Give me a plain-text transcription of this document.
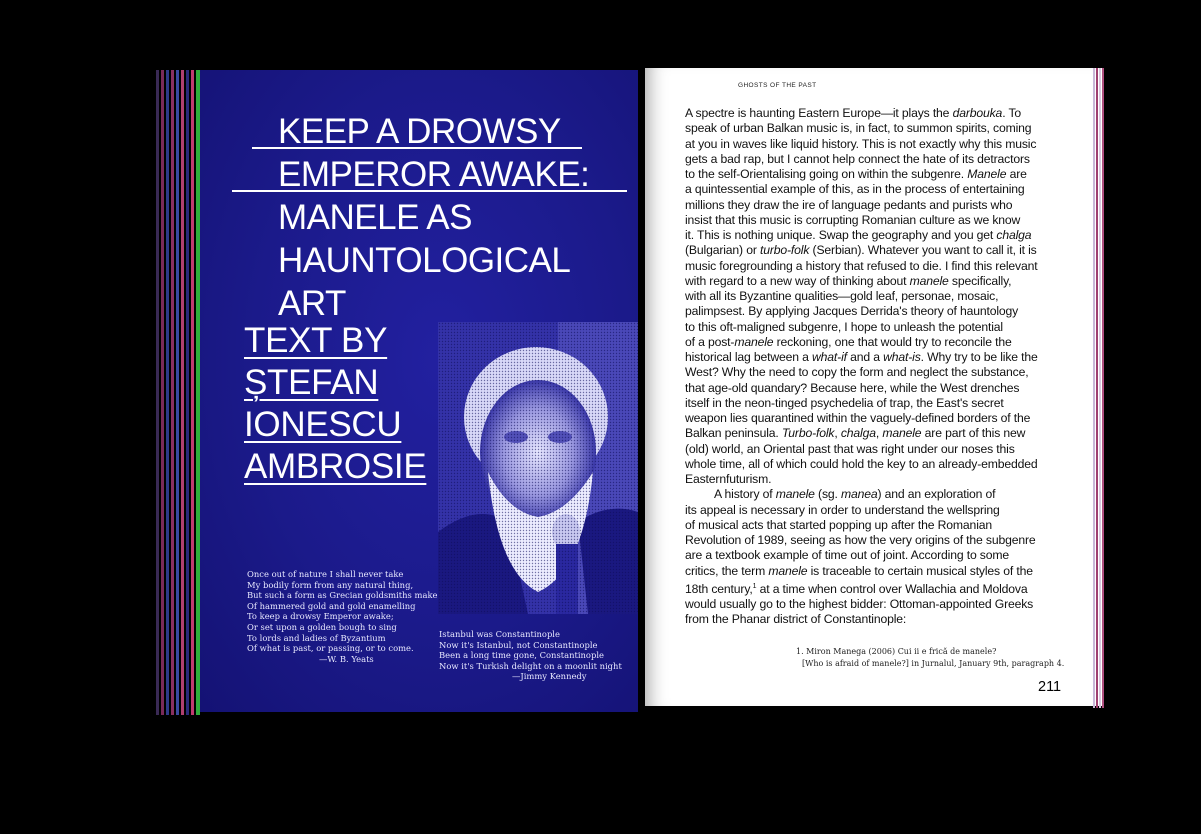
KEEP A DROWSY
EMPEROR AWAKE:
MANELE AS
HAUNTOLOGICAL
ART
TEXT BY
ȘTEFAN
IONESCU
AMBROSIE
Once out of nature I shall never take
My bodily form from any natural thing,
But such a form as Grecian goldsmiths make
Of hammered gold and gold enamelling
To keep a drowsy Emperor awake;
Or set upon a golden bough to sing
To lords and ladies of Byzantium
Of what is past, or passing, or to come.
—W. B. Yeats
Istanbul was Constantinople
Now it's Istanbul, not Constantinople
Been a long time gone, Constantinople
Now it's Turkish delight on a moonlit night
—Jimmy Kennedy
GHOSTS OF THE PAST

A spectre is haunting Eastern Europe—it plays the darbouka. To
speak of urban Balkan music is, in fact, to summon spirits, coming
at you in waves like liquid history. This is not exactly why this music
gets a bad rap, but I cannot help connect the hate of its detractors
to the self-Orientalising going on within the subgenre. Manele are
a quintessential example of this, as in the process of entertaining
millions they draw the ire of language pedants and purists who
insist that this music is corrupting Romanian culture as we know
it. This is nothing unique. Swap the geography and you get chalga
(Bulgarian) or turbo-folk (Serbian). Whatever you want to call it, it is
music foregrounding a history that refused to die. I find this relevant
with regard to a new way of thinking about manele specifically,
with all its Byzantine qualities—gold leaf, personae, mosaic,
palimpsest. By applying Jacques Derrida's theory of hauntology
to this oft-maligned subgenre, I hope to unleash the potential
of a post-manele reckoning, one that would try to reconcile the
historical lag between a what-if and a what-is. Why try to be like the
West? Why the need to copy the form and neglect the substance,
that age-old quandary? Because here, while the West drenches
itself in the neon-tinged psychedelia of trap, the East's secret
weapon lies quarantined within the vaguely-defined borders of the
Balkan peninsula. Turbo-folk, chalga, manele are part of this new
(old) world, an Oriental past that was right under our noses this
whole time, all of which could hold the key to an already-embedded
Easternfuturism.

A history of manele (sg. manea) and an exploration of
its appeal is necessary in order to understand the wellspring
of musical acts that started popping up after the Romanian
Revolution of 1989, seeing as how the very origins of the subgenre
are a textbook example of time out of joint. According to some
critics, the term manele is traceable to certain musical styles of the
18th century,$^1$ at a time when control over Wallachia and Moldova
would usually go to the highest bidder: Ottoman-appointed Greeks
from the Phanar district of Constantinople:

1. Miron Manega (2006) Cui ii e frică de manele?
[Who is afraid of manele?] in Jurnalul, January 9th, paragraph 4.
211
